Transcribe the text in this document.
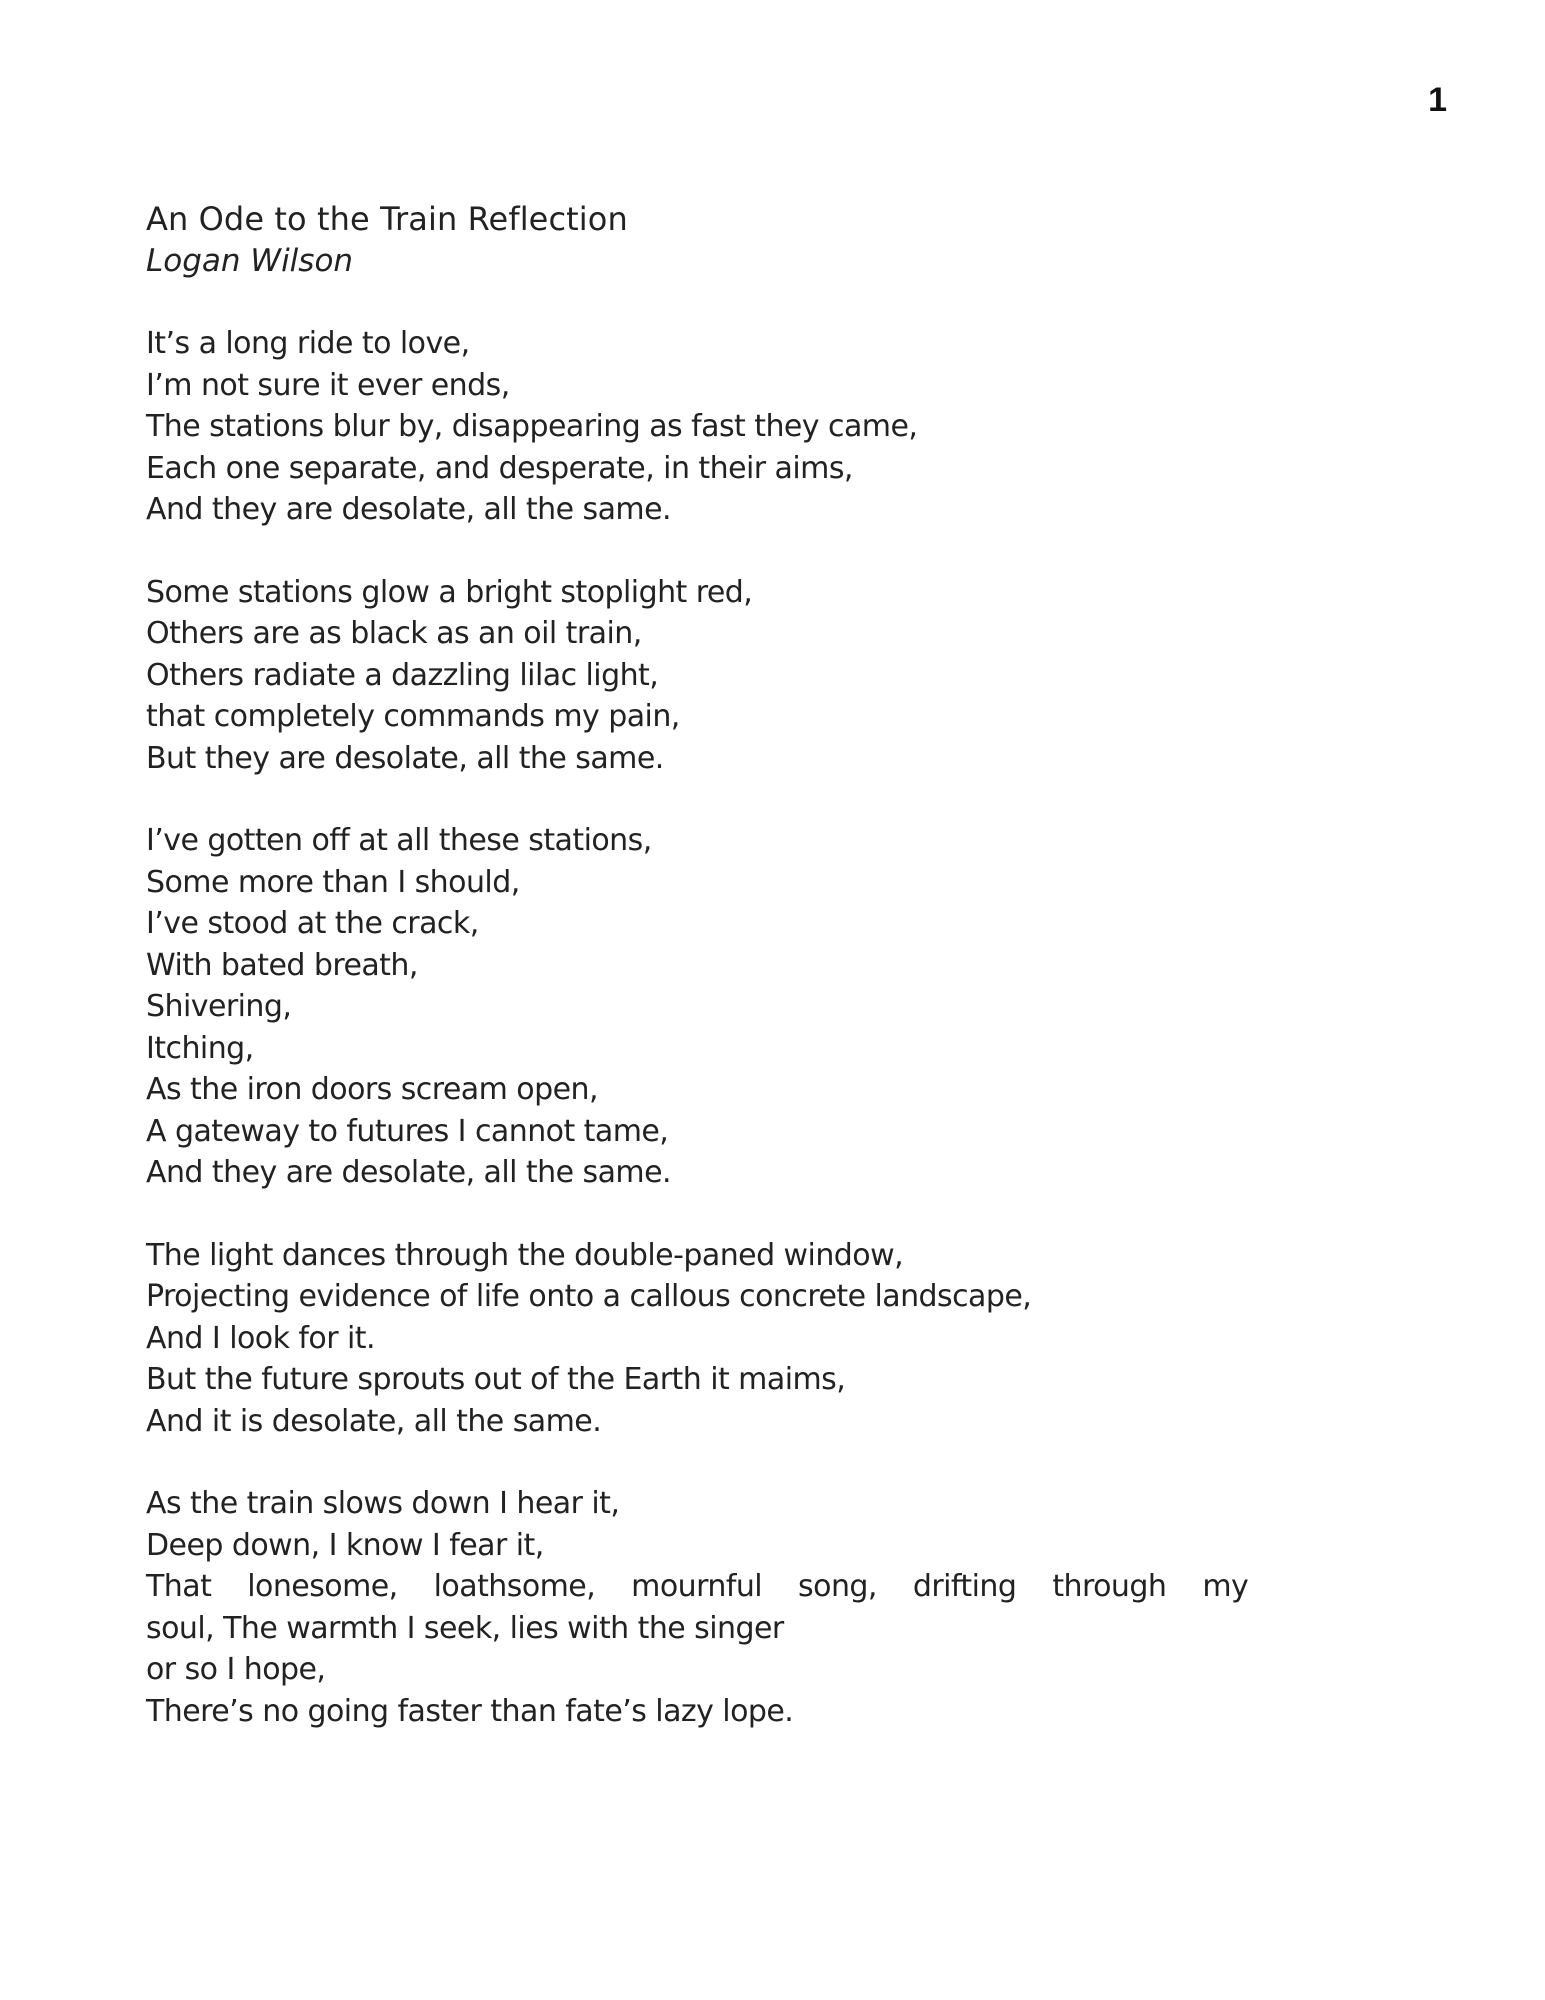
1
An Ode to the Train Reflection
Logan Wilson
It’s a long ride to love,
I’m not sure it ever ends,
The stations blur by, disappearing as fast they came,
Each one separate, and desperate, in their aims,
And they are desolate, all the same.
Some stations glow a bright stoplight red,
Others are as black as an oil train,
Others radiate a dazzling lilac light,
that completely commands my pain,
But they are desolate, all the same.
I’ve gotten off at all these stations,
Some more than I should,
I’ve stood at the crack,
With bated breath,
Shivering,
Itching,
As the iron doors scream open,
A gateway to futures I cannot tame,
And they are desolate, all the same.
The light dances through the double-paned window,
Projecting evidence of life onto a callous concrete landscape,
And I look for it.
But the future sprouts out of the Earth it maims,
And it is desolate, all the same.
As the train slows down I hear it,
Deep down, I know I fear it,
That  lonesome,  loathsome,  mournful  song,  drifting  through  my
soul, The warmth I seek, lies with the singer
or so I hope,
There’s no going faster than fate’s lazy lope.
